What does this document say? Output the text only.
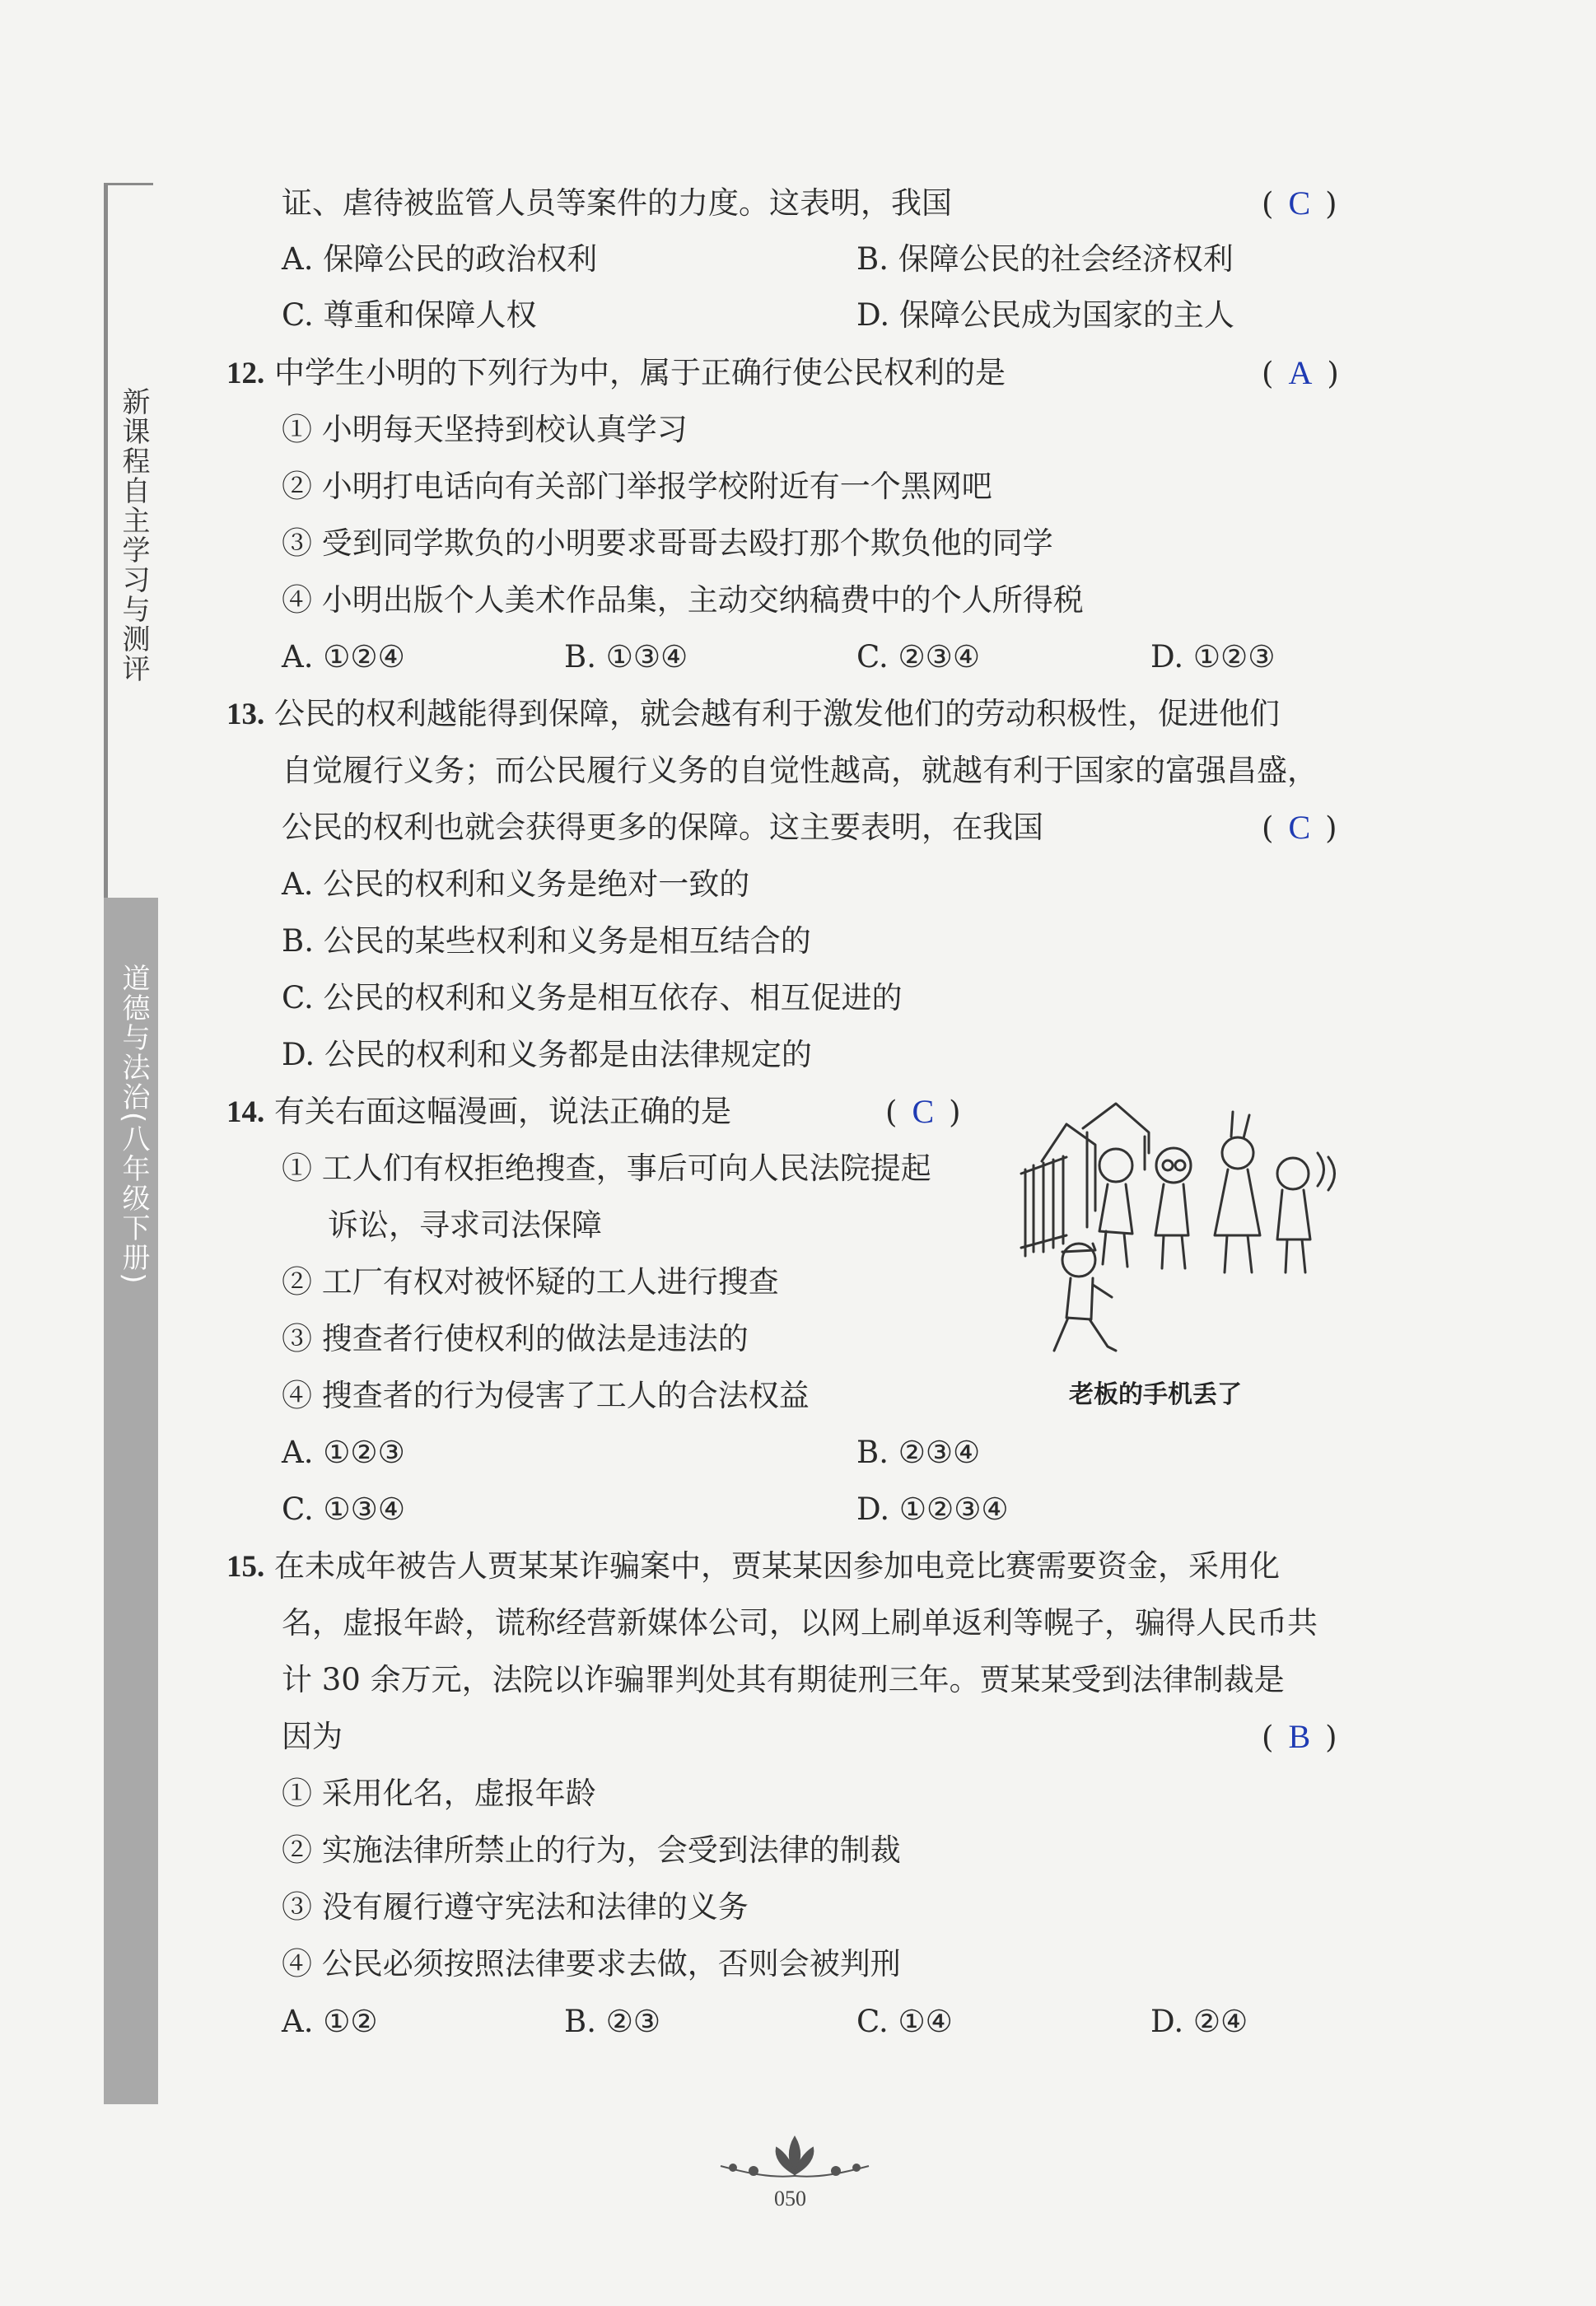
新课程自主学习与测评
道德与法治(八年级下册)
证、虐待被监管人员等案件的力度。这表明，我国	( C )
A. 保障公民的政治权利	B. 保障公民的社会经济权利
C. 尊重和保障人权	D. 保障公民成为国家的主人
12. 中学生小明的下列行为中，属于正确行使公民权利的是	( A )
① 小明每天坚持到校认真学习
② 小明打电话向有关部门举报学校附近有一个黑网吧
③ 受到同学欺负的小明要求哥哥去殴打那个欺负他的同学
④ 小明出版个人美术作品集，主动交纳稿费中的个人所得税
A. ①②④	B. ①③④	C. ②③④	D. ①②③
13. 公民的权利越能得到保障，就会越有利于激发他们的劳动积极性，促进他们
自觉履行义务；而公民履行义务的自觉性越高，就越有利于国家的富强昌盛，
公民的权利也就会获得更多的保障。这主要表明，在我国	( C )
A. 公民的权利和义务是绝对一致的
B. 公民的某些权利和义务是相互结合的
C. 公民的权利和义务是相互依存、相互促进的
D. 公民的权利和义务都是由法律规定的
14. 有关右面这幅漫画，说法正确的是	( C )
① 工人们有权拒绝搜查，事后可向人民法院提起
诉讼，寻求司法保障
② 工厂有权对被怀疑的工人进行搜查
③ 搜查者行使权利的做法是违法的
④ 搜查者的行为侵害了工人的合法权益	老板的手机丢了
A. ①②③	B. ②③④
C. ①③④	D. ①②③④
15. 在未成年被告人贾某某诈骗案中，贾某某因参加电竞比赛需要资金，采用化
名，虚报年龄，谎称经营新媒体公司，以网上刷单返利等幌子，骗得人民币共
计 30 余万元，法院以诈骗罪判处其有期徒刑三年。贾某某受到法律制裁是
因为	( B )
① 采用化名，虚报年龄
② 实施法律所禁止的行为，会受到法律的制裁
③ 没有履行遵守宪法和法律的义务
④ 公民必须按照法律要求去做，否则会被判刑
A. ①②	B. ②③	C. ①④	D. ②④
050
